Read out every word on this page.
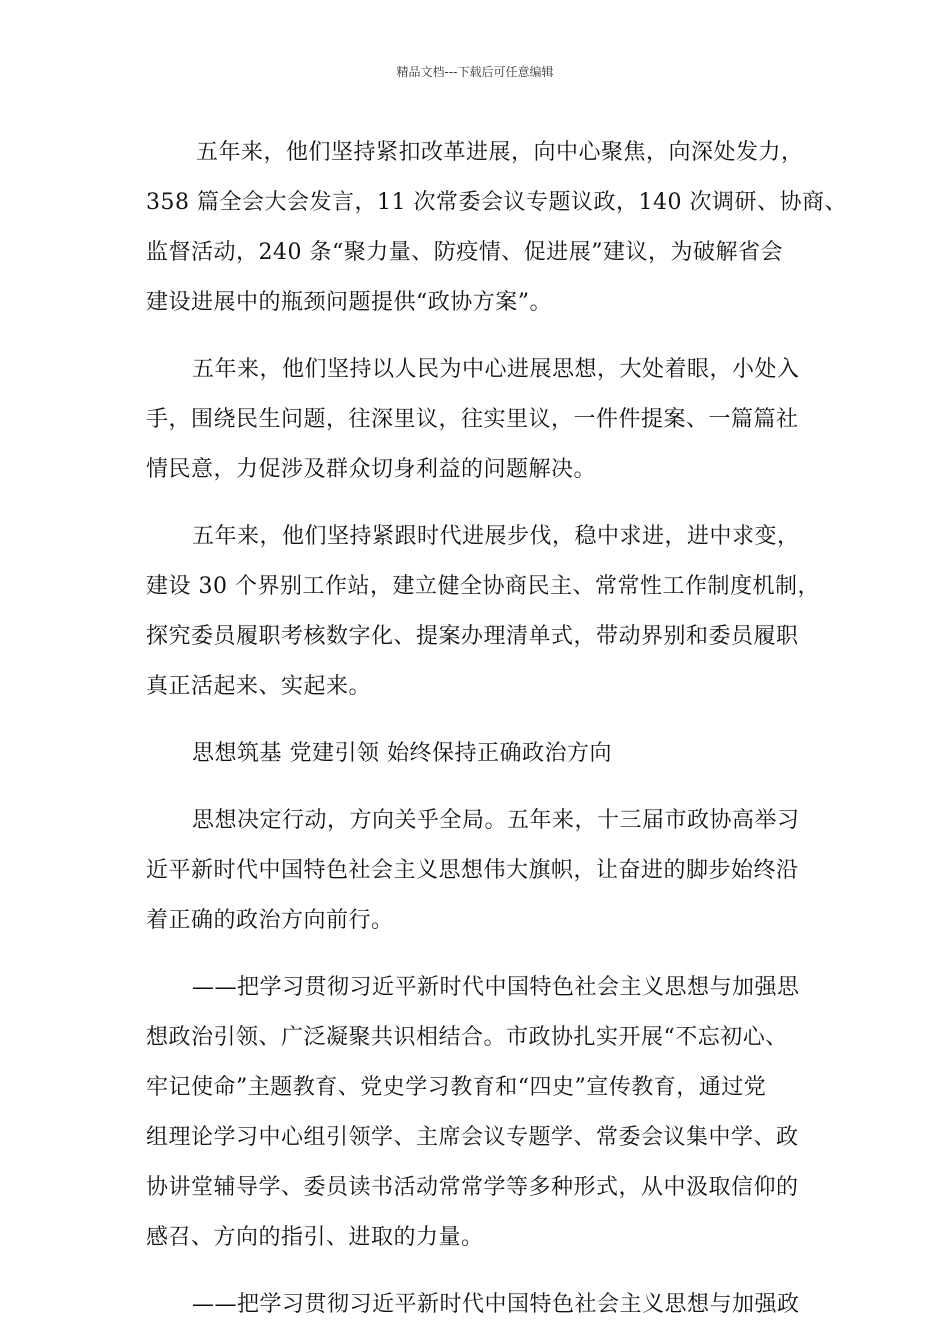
精品文档---下载后可任意编辑
五年来，他们坚持紧扣改革进展，向中心聚焦，向深处发力，
358 篇全会大会发言，11 次常委会议专题议政，140 次调研、协商、
监督活动，240 条“聚力量、防疫情、促进展”建议，为破解省会
建设进展中的瓶颈问题提供“政协方案”。
五年来，他们坚持以人民为中心进展思想，大处着眼，小处入
手，围绕民生问题，往深里议，往实里议，一件件提案、一篇篇社
情民意，力促涉及群众切身利益的问题解决。
五年来，他们坚持紧跟时代进展步伐，稳中求进，进中求变，
建设 30 个界别工作站，建立健全协商民主、常常性工作制度机制，
探究委员履职考核数字化、提案办理清单式，带动界别和委员履职
真正活起来、实起来。
思想筑基 党建引领 始终保持正确政治方向
思想决定行动，方向关乎全局。五年来，十三届市政协高举习
近平新时代中国特色社会主义思想伟大旗帜，让奋进的脚步始终沿
着正确的政治方向前行。
——把学习贯彻习近平新时代中国特色社会主义思想与加强思
想政治引领、广泛凝聚共识相结合。市政协扎实开展“不忘初心、
牢记使命”主题教育、党史学习教育和“四史”宣传教育，通过党
组理论学习中心组引领学、主席会议专题学、常委会议集中学、政
协讲堂辅导学、委员读书活动常常学等多种形式，从中汲取信仰的
感召、方向的指引、进取的力量。
——把学习贯彻习近平新时代中国特色社会主义思想与加强政
